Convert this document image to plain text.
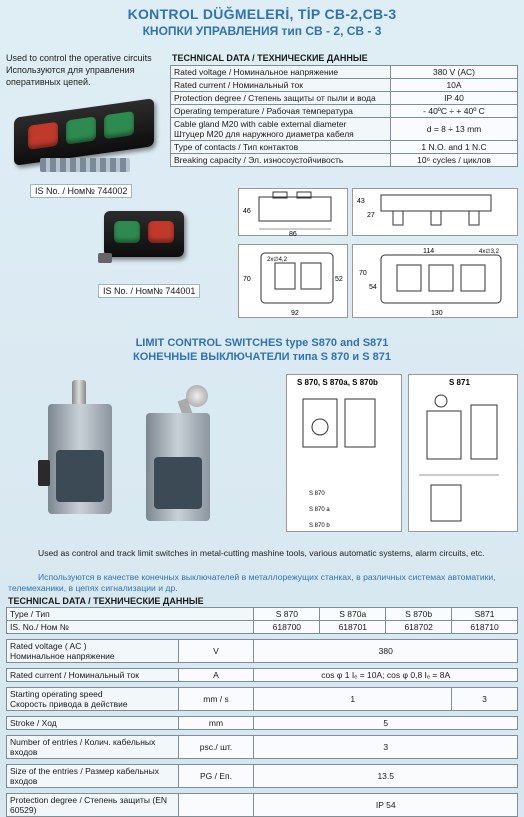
KONTROL DÜĞMELERİ, TİP CB-2,CB-3
КНОПКИ УПРАВЛЕНИЯ тип CB - 2, CB - 3
Used to control the operative circuits
Используются для управления оперативных цепей.
IS No. / Ном№ 744002
IS No. / Ном№ 744001
TECHNICAL DATA / ТЕХНИЧЕСКИЕ ДАННЫЕ
Rated voltage / Номинальное напряжение	380 V (AC)
Rated current / Номинальный ток	10A
Protection degree / Степень защиты от пыли и вода	IP 40
Operating temperature / Рабочая температура	- 40ºC ÷ + 40º C
Cable gland M20 with cable external diameter
Штуцер М20 для наружного диаметра кабеля	d = 8 ÷ 13 mm
Type of contacts / Тип контактов	1 N.O. and 1 N.C
Breaking capacity / Эл. износоустойчивость	10⁶ cycles / циклов
86
46
43
27
2x∅4,2
70	52
92
114	4x∅3,2
70
54
130
LIMIT CONTROL SWITCHES type S870 and S871
КОНЕЧНЫЕ ВЫКЛЮЧАТЕЛИ типа S 870 и S 871
S 870, S 870a, S 870b
S 870
S 870 a
S 870 b
S 871
Used as control and track limit switches in metal-cutting mashine tools, various automatic systems, alarm circuits, etc.
Используются в качестве конечных выключателей в металлорежущих станках, в различных системах автоматики, телемеханики, в цепях сигнализации и др.
TECHNICAL DATA / ТЕХНИЧЕСКИЕ ДАННЫЕ
Type / Тип		S 870	S 870a	S 870b	S871
IS. No./ Ном №		618700	618701	618702	618710

Rated voltage ( AC )
Номинальное напряжение	V	380			

Rated current / Номинальный ток	A	cos φ 1 Iₑ = 10A; cos φ 0,8 Iₑ = 8A			

Starting operating speed
Скорость привода в действие	mm / s	1			3

Stroke / Ход	mm	5			

Number of entries / Колич. кабельных входов	psc./ шт.	3			

Size of the entries / Размер кабельных входов	PG / Еп.	13.5			

Protection degree / Степень защиты (EN 60529)		IP 54			
